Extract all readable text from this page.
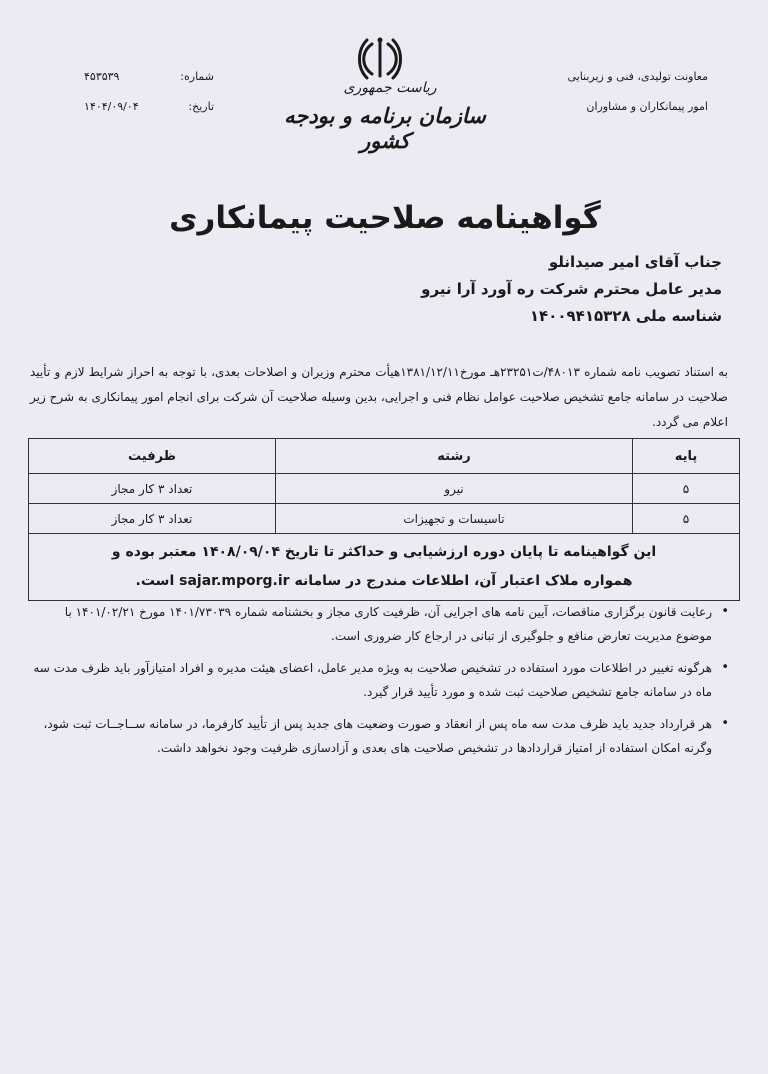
معاونت تولیدی، فنی و زیربنایی
امور پیمانکاران و مشاوران
شماره:
۴۵۳۵۳۹
تاریخ:
۱۴۰۴/۰۹/۰۴
ریاست جمهوری
سازمان برنامه و بودجه کشور
گواهینامه صلاحیت پیمانکاری
جناب آقای امیر صیدانلو
مدیر عامل محترم شرکت ره آورد آرا نیرو
شناسه ملی ۱۴۰۰۹۴۱۵۳۲۸
به استناد تصویب نامه شماره ۴۸۰۱۳/ت۲۳۲۵۱هـ مورخ۱۳۸۱/۱۲/۱۱هیأت محترم وزیران و اصلاحات بعدی، با توجه به احراز شرایط لازم و تأیید صلاحیت در سامانه جامع تشخیص صلاحیت عوامل نظام فنی و اجرایی، بدین وسیله صلاحیت آن شرکت برای انجام امور پیمانکاری به شرح زیر اعلام می گردد.
پایه	رشته	ظرفیت
۵	نیرو	تعداد ۳ کار مجاز
۵	تاسیسات و تجهیزات	تعداد ۳ کار مجاز

این گواهینامه تا پایان دوره ارزشیابی و حداکثر تا تاریخ ۱۴۰۸/۰۹/۰۴ معتبر بوده و
همواره ملاک اعتبار آن، اطلاعات مندرج در سامانه sajar.mporg.ir است.		
• رعایت قانون برگزاری مناقصات، آیین نامه های اجرایی آن، ظرفیت کاری مجاز و بخشنامه شماره ۱۴۰۱/۷۳۰۳۹ مورخ ۱۴۰۱/۰۲/۲۱ با موضوع مدیریت تعارض منافع و جلوگیری از تبانی در ارجاع کار ضروری است.
• هرگونه تغییر در اطلاعات مورد استفاده در تشخیص صلاحیت به ویژه مدیر عامل، اعضای هیئت مدیره و افراد امتیازآور باید ظرف مدت سه ماه در سامانه جامع تشخیص صلاحیت ثبت شده و مورد تأیید قرار گیرد.
• هر قرارداد جدید باید ظرف مدت سه ماه پس از انعقاد و صورت وضعیت های جدید پس از تأیید کارفرما، در سامانه ســاجــات ثبت شود، وگرنه امکان استفاده از امتیاز قراردادها در تشخیص صلاحیت های بعدی و آزادسازی ظرفیت وجود نخواهد داشت.
